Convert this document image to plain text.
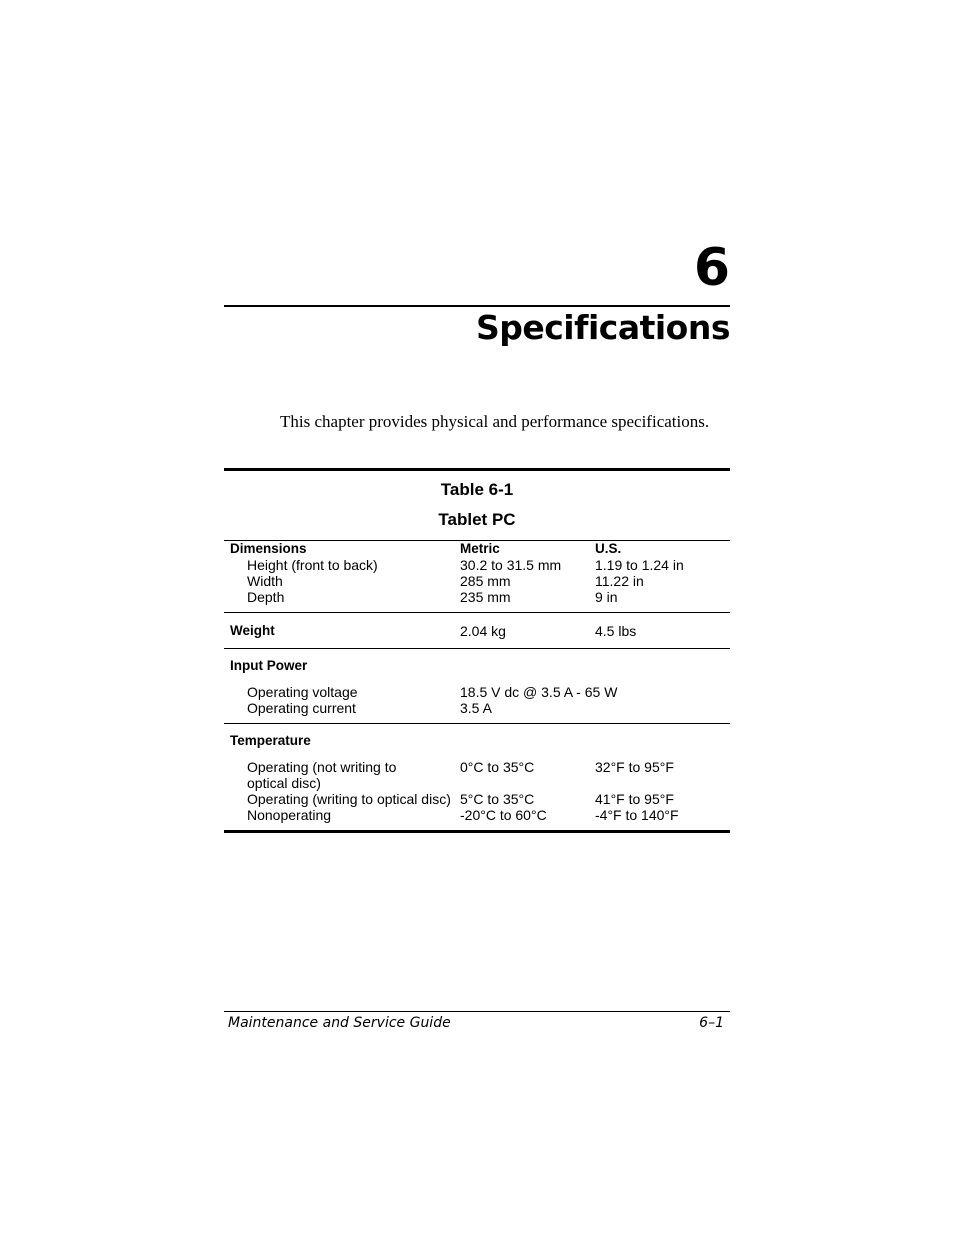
6
Specifications
This chapter provides physical and performance specifications.
Table 6-1
Tablet PC
Dimensions	Metric	U.S.
Height (front to back)	30.2 to 31.5 mm	1.19 to 1.24 in
Width	285 mm	11.22 in
Depth	235 mm	9 in
Weight	2.04 kg	4.5 lbs
Input Power		
Operating voltage	18.5 V dc @ 3.5 A - 65 W	
Operating current	3.5 A	
Temperature		
Operating (not writing to
optical disc)	0°C to 35°C	32°F to 95°F
Operating (writing to optical disc)	5°C to 35°C	41°F to 95°F
Nonoperating	-20°C to 60°C	-4°F to 140°F
Maintenance and Service Guide	6–1
